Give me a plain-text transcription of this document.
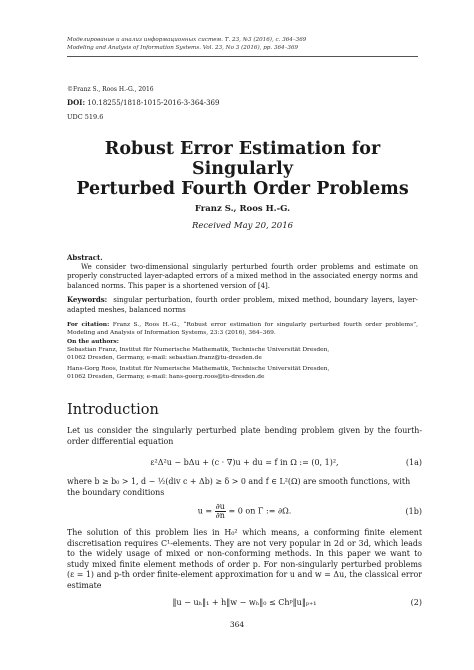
Моделирование и анализ информационных систем. Т. 23, №3 (2016), с. 364–369
Modeling and Analysis of Information Systems. Vol. 23, No 3 (2016), pp. 364–369
©Franz S., Roos H.-G., 2016
DOI: 10.18255/1818-1015-2016-3-364-369
UDC 519.6
Robust Error Estimation for Singularly
Perturbed Fourth Order Problems
Franz S., Roos H.-G.
Received May 20, 2016
Abstract.

We consider two-dimensional singularly perturbed fourth order problems and estimate on properly constructed layer-adapted errors of a mixed method in the associated energy norms and balanced norms. This paper is a shortened version of [4].

Keywords: singular perturbation, fourth order problem, mixed method, boundary layers, layer-adapted meshes, balanced norms
For citation: Franz S., Roos H.-G., “Robust error estimation for singularly perturbed fourth order problems”, Modeling and Analysis of Information Systems, 23:3 (2016), 364–369.
On the authors:
Sebastian Franz, Institut für Numerische Mathematik, Technische Universität Dresden,
01062 Dresden, Germany, e-mail: sebastian.franz@tu-dresden.de
Hans-Gorg Roos, Institut für Numerische Mathematik, Technische Universität Dresden,
01062 Dresden, Germany, e-mail: hans-goerg.roos@tu-dresden.de
Introduction
Let us consider the singularly perturbed plate bending problem given by the fourth-order differential equation
ε²Δ²u − bΔu + (c · ∇)u + du = f in Ω := (0, 1)²,	(1a)
where b ≥ b₀ > 1, d − ½(div c + Δb) ≥ δ > 0 and f ∈ L²(Ω) are smooth functions, with
the boundary conditions
$u = \frac{\partial u}{\partial n} = 0$ on Γ := ∂Ω.	(1b)
The solution of this problem lies in H₀² which means, a conforming finite element discretisation requires C¹-elements. They are not very popular in 2d or 3d, which leads to the widely usage of mixed or non-conforming methods. In this paper we want to study mixed finite element methods of order p. For non-singularly perturbed problems (ε = 1) and p-th order finite-element approximation for u and w = Δu, the classical error estimate
‖u − uₕ‖₁ + h‖w − wₕ‖₀ ≤ Chᵖ‖u‖ₚ₊₁	(2)
364
